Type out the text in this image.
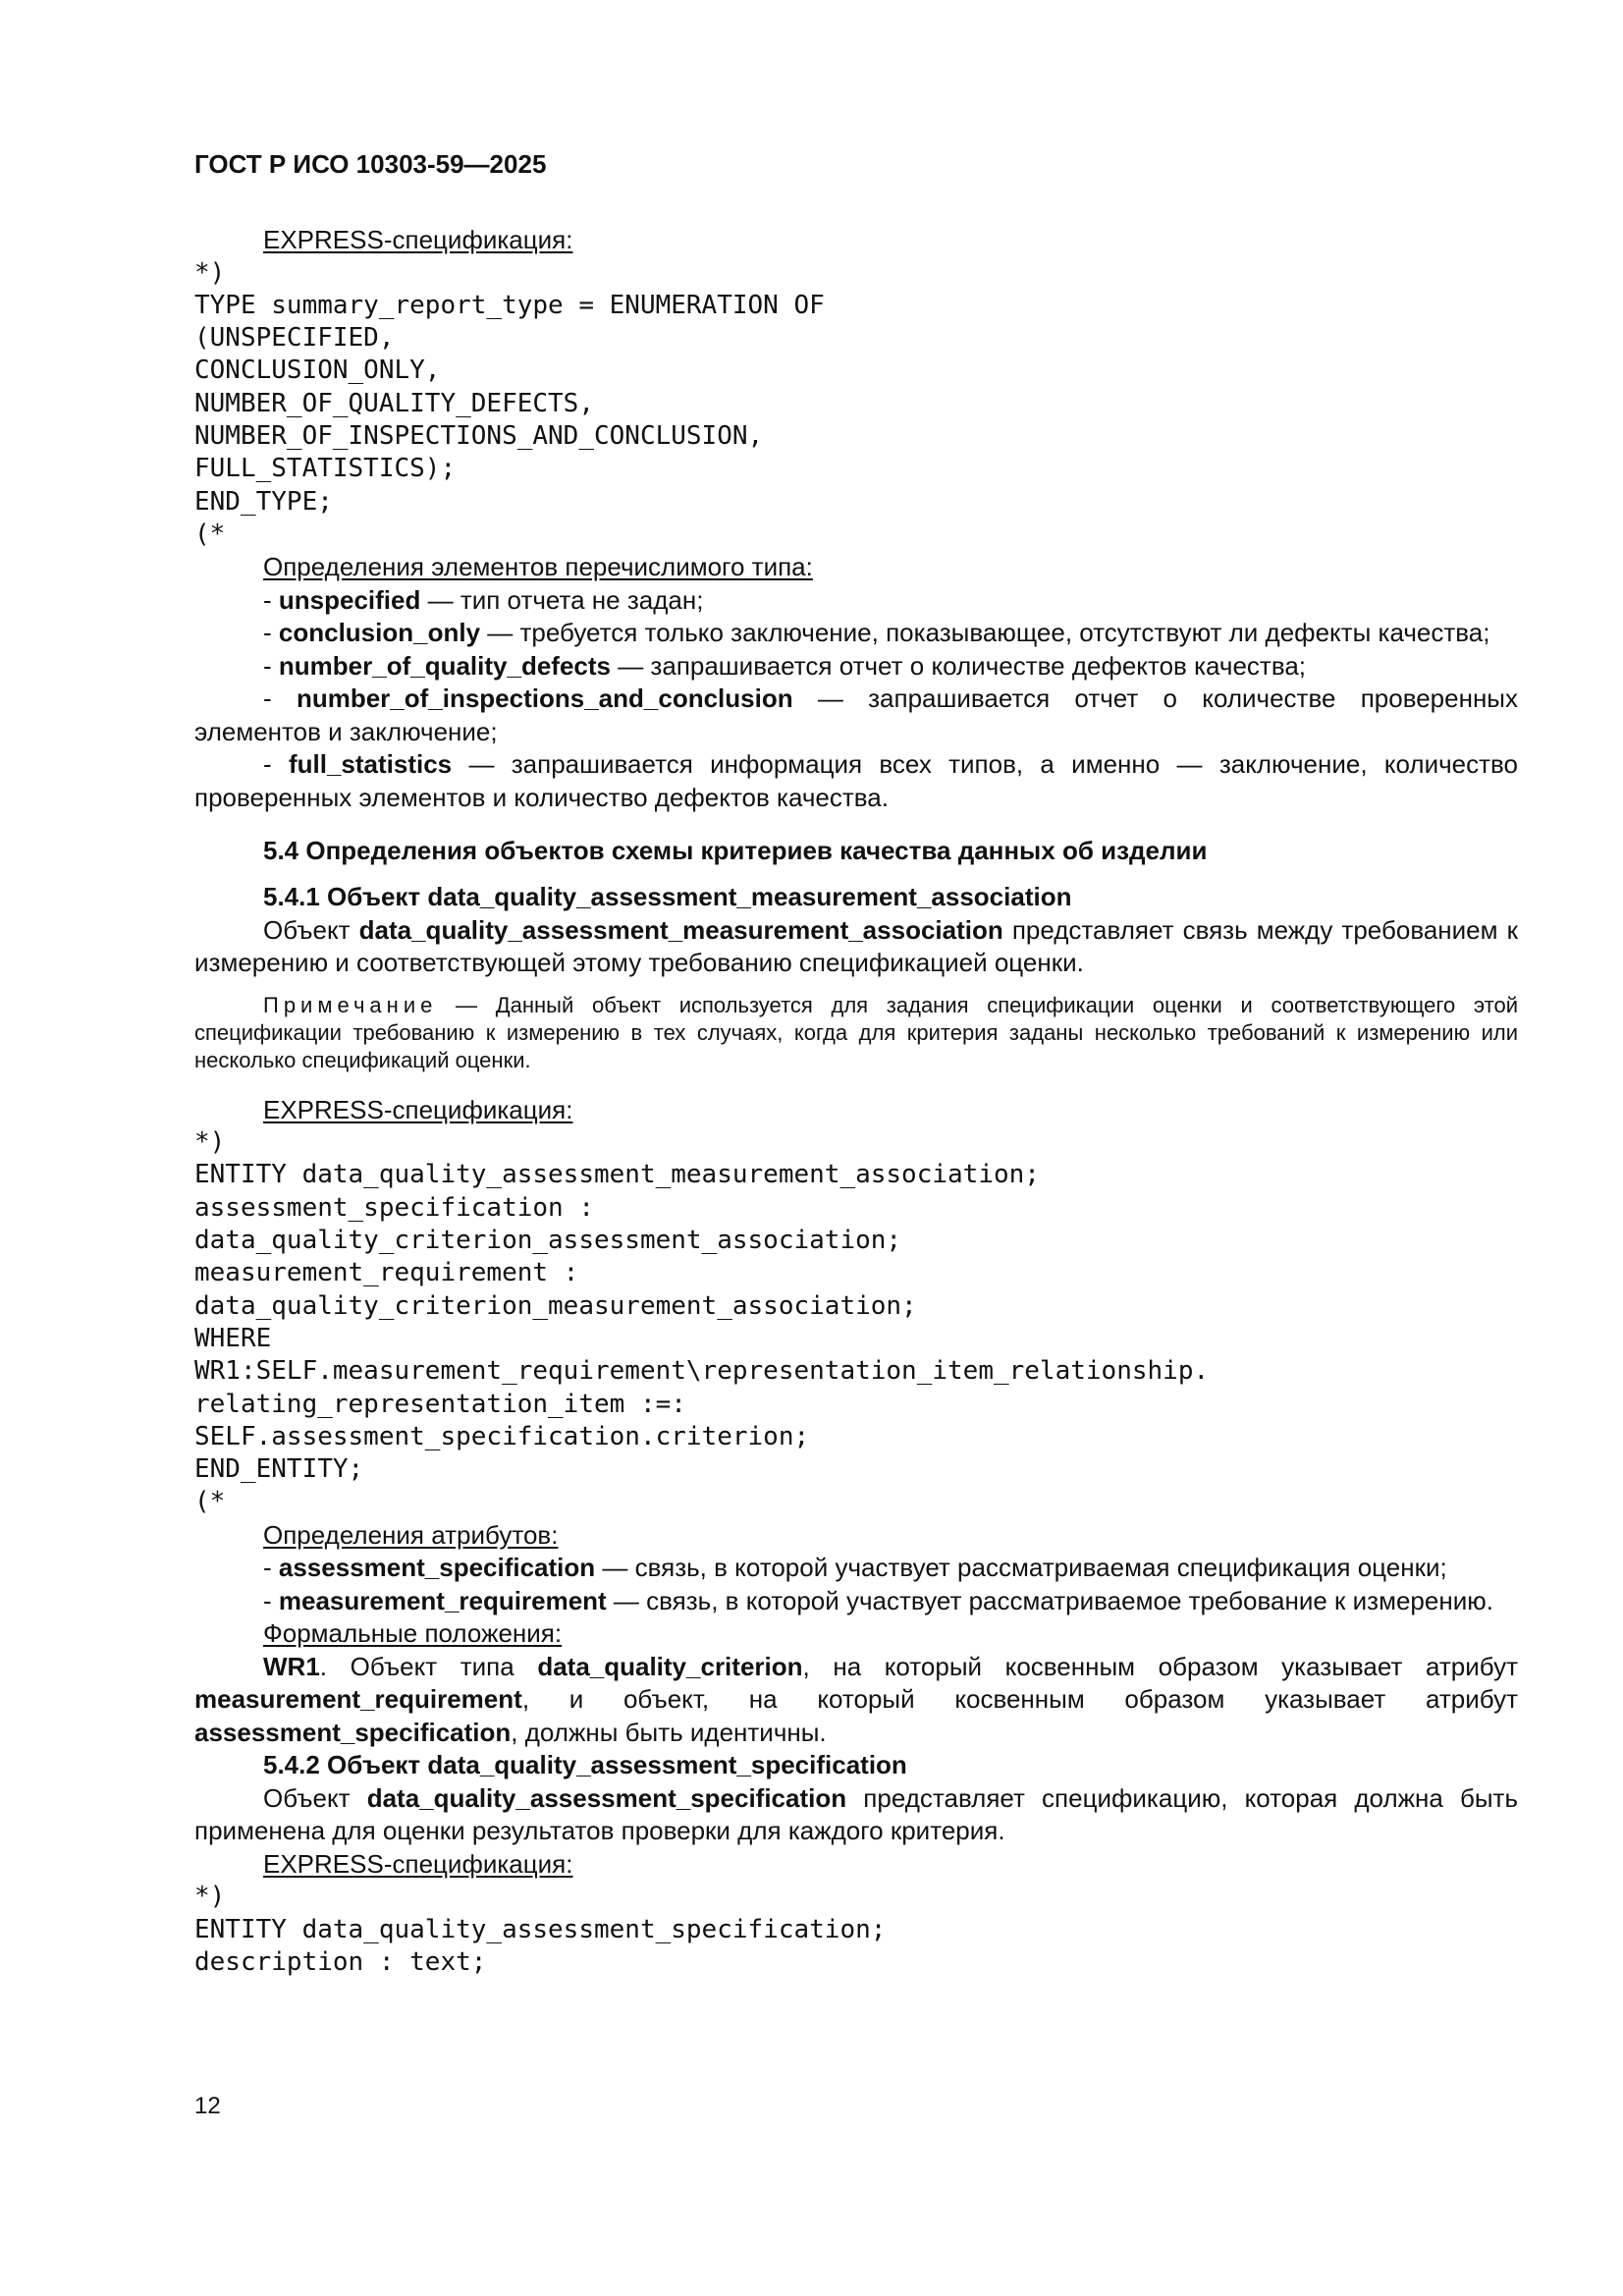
ГОСТ Р ИСО 10303-59—2025
EXPRESS-спецификация:
*)
TYPE summary_report_type = ENUMERATION OF
(UNSPECIFIED,
CONCLUSION_ONLY,
NUMBER_OF_QUALITY_DEFECTS,
NUMBER_OF_INSPECTIONS_AND_CONCLUSION,
FULL_STATISTICS);
END_TYPE;
(*
Определения элементов перечислимого типа:

- unspecified — тип отчета не задан;

- conclusion_only — требуется только заключение, показывающее, отсутствуют ли дефекты качества;

- number_of_quality_defects — запрашивается отчет о количестве дефектов качества;

- number_of_inspections_and_conclusion — запрашивается отчет о количестве проверенных элементов и заключение;

- full_statistics — запрашивается информация всех типов, а именно — заключение, количество проверенных элементов и количество дефектов качества.

5.4 Определения объектов схемы критериев качества данных об изделии
5.4.1 Объект data_quality_assessment_measurement_association

Объект data_quality_assessment_measurement_association представляет связь между требованием к измерению и соответствующей этому требованию спецификацией оценки.

Примечание — Данный объект используется для задания спецификации оценки и соответствующего этой спецификации требованию к измерению в тех случаях, когда для критерия заданы несколько требований к измерению или несколько спецификаций оценки.

EXPRESS-спецификация:
*)
ENTITY data_quality_assessment_measurement_association;
assessment_specification :
data_quality_criterion_assessment_association;
measurement_requirement :
data_quality_criterion_measurement_association;
WHERE
WR1:SELF.measurement_requirement\representation_item_relationship.
relating_representation_item :=:
SELF.assessment_specification.criterion;
END_ENTITY;
(*
Определения атрибутов:

- assessment_specification — связь, в которой участвует рассматриваемая спецификация оценки;

- measurement_requirement — связь, в которой участвует рассматриваемое требование к измерению.

Формальные положения:

WR1. Объект типа data_quality_criterion, на который косвенным образом указывает атрибут measurement_requirement, и объект, на который косвенным образом указывает атрибут assessment_specification, должны быть идентичны.

5.4.2 Объект data_quality_assessment_specification

Объект data_quality_assessment_specification представляет спецификацию, которая должна быть применена для оценки результатов проверки для каждого критерия.

EXPRESS-спецификация:
*)
ENTITY data_quality_assessment_specification;
description : text;
12
